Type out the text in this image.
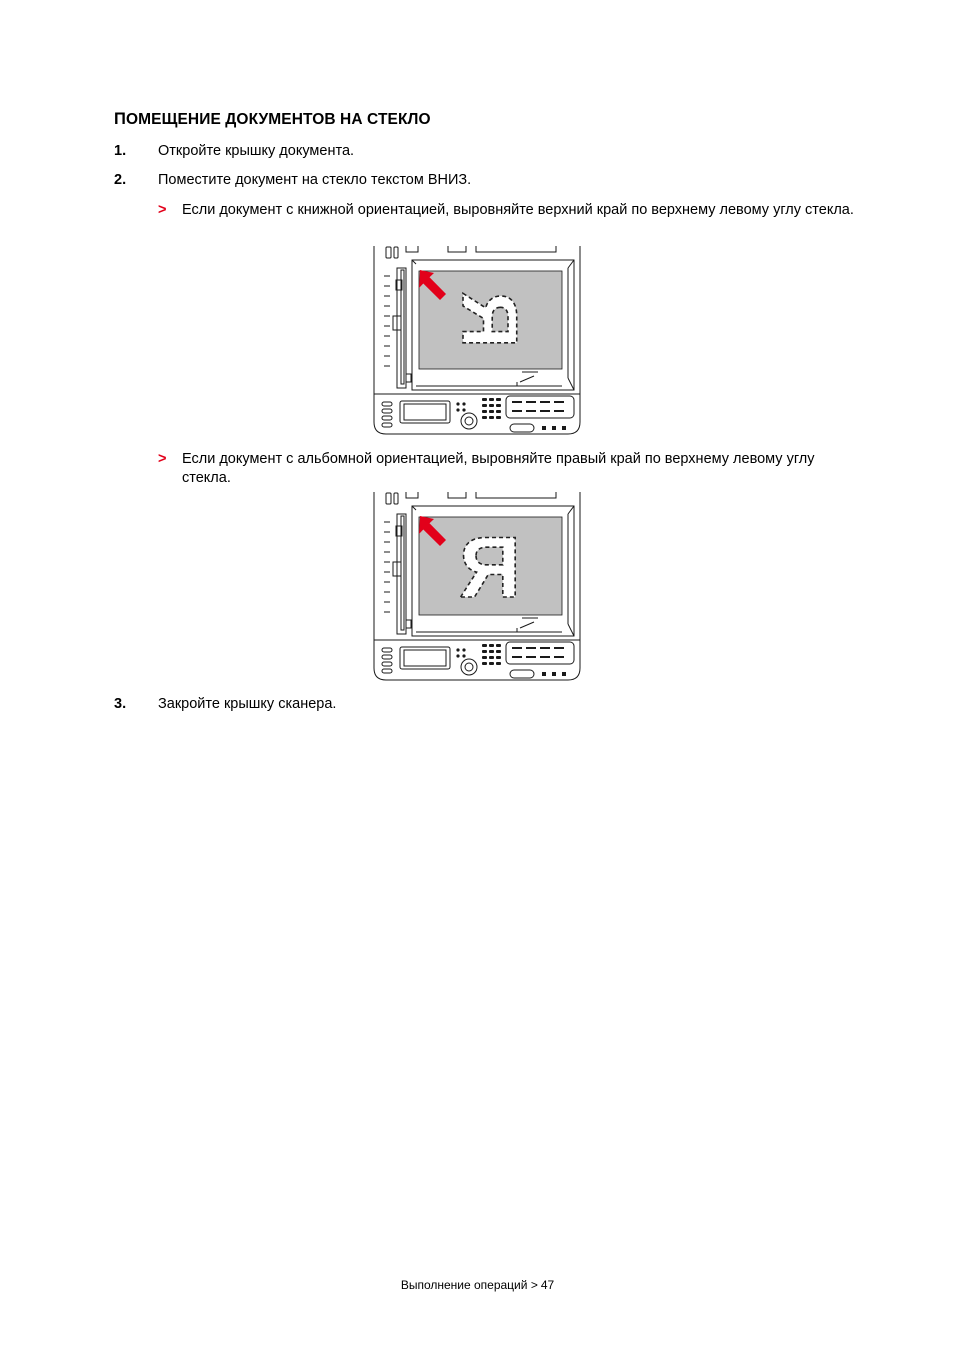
ПОМЕЩЕНИЕ ДОКУМЕНТОВ НА СТЕКЛО
1.	Откройте крышку документа.
2.	Поместите документ на стекло текстом ВНИЗ.
> Если документ с книжной ориентацией, выровняйте верхний край по верхнему левому углу стекла.
Я
> Если документ с альбомной ориентацией, выровняйте правый край по верхнему левому углу стекла.
Я
3.	Закройте крышку сканера.
Выполнение операций > 47
